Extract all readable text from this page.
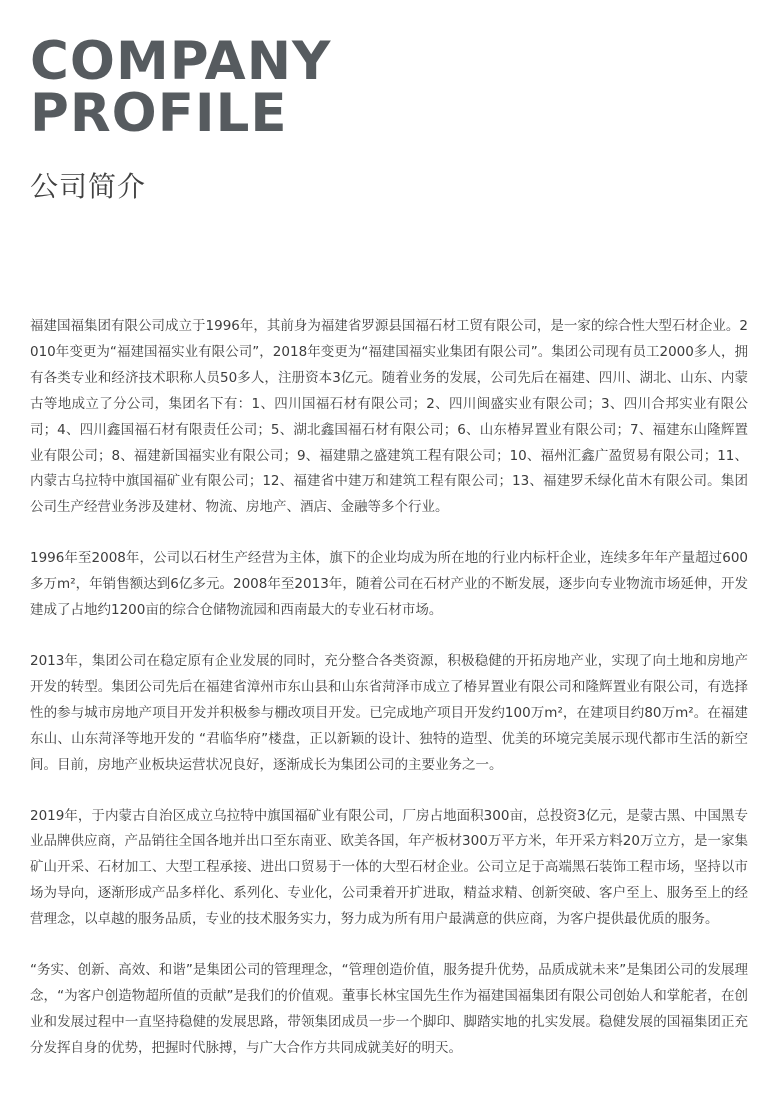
COMPANY
PROFILE
公司简介

福建国福集团有限公司成立于1996年，其前身为福建省罗源县国福石材工贸有限公司，是一家的综合性大型石材企业。2010年变更为“福建国福实业有限公司”，2018年变更为“福建国福实业集团有限公司”。集团公司现有员工2000多人，拥有各类专业和经济技术职称人员50多人，注册资本3亿元。随着业务的发展，公司先后在福建、四川、湖北、山东、内蒙古等地成立了分公司，集团名下有：1、四川国福石材有限公司；2、四川闽盛实业有限公司；3、四川合邦实业有限公司；4、四川鑫国福石材有限责任公司；5、湖北鑫国福石材有限公司；6、山东椿昇置业有限公司；7、福建东山隆辉置业有限公司；8、福建新国福实业有限公司；9、福建鼎之盛建筑工程有限公司；10、福州汇鑫广盈贸易有限公司；11、内蒙古乌拉特中旗国福矿业有限公司；12、福建省中建万和建筑工程有限公司；13、福建罗禾绿化苗木有限公司。集团公司生产经营业务涉及建材、物流、房地产、酒店、金融等多个行业。

1996年至2008年，公司以石材生产经营为主体，旗下的企业均成为所在地的行业内标杆企业，连续多年年产量超过600多万m²，年销售额达到6亿多元。2008年至2013年，随着公司在石材产业的不断发展，逐步向专业物流市场延伸，开发建成了占地约1200亩的综合仓储物流园和西南最大的专业石材市场。

2013年，集团公司在稳定原有企业发展的同时，充分整合各类资源，积极稳健的开拓房地产业，实现了向土地和房地产开发的转型。集团公司先后在福建省漳州市东山县和山东省菏泽市成立了椿昇置业有限公司和隆辉置业有限公司，有选择性的参与城市房地产项目开发并积极参与棚改项目开发。已完成地产项目开发约100万m²，在建项目约80万m²。在福建东山、山东菏泽等地开发的 “君临华府”楼盘，正以新颖的设计、独特的造型、优美的环境完美展示现代都市生活的新空间。目前，房地产业板块运营状况良好，逐渐成长为集团公司的主要业务之一。

2019年，于内蒙古自治区成立乌拉特中旗国福矿业有限公司，厂房占地面积300亩，总投资3亿元，是蒙古黑、中国黑专业品牌供应商，产品销往全国各地并出口至东南亚、欧美各国，年产板材300万平方米，年开采方料20万立方，是一家集矿山开采、石材加工、大型工程承接、进出口贸易于一体的大型石材企业。公司立足于高端黑石装饰工程市场，坚持以市场为导向，逐渐形成产品多样化、系列化、专业化，公司秉着开扩进取，精益求精、创新突破、客户至上、服务至上的经营理念，以卓越的服务品质，专业的技术服务实力，努力成为所有用户最满意的供应商，为客户提供最优质的服务。

“务实、创新、高效、和谐”是集团公司的管理理念，“管理创造价值，服务提升优势，品质成就未来”是集团公司的发展理念，“为客户创造物超所值的贡献”是我们的价值观。董事长林宝国先生作为福建国福集团有限公司创始人和掌舵者，在创业和发展过程中一直坚持稳健的发展思路，带领集团成员一步一个脚印、脚踏实地的扎实发展。稳健发展的国福集团正充分发挥自身的优势，把握时代脉搏，与广大合作方共同成就美好的明天。
